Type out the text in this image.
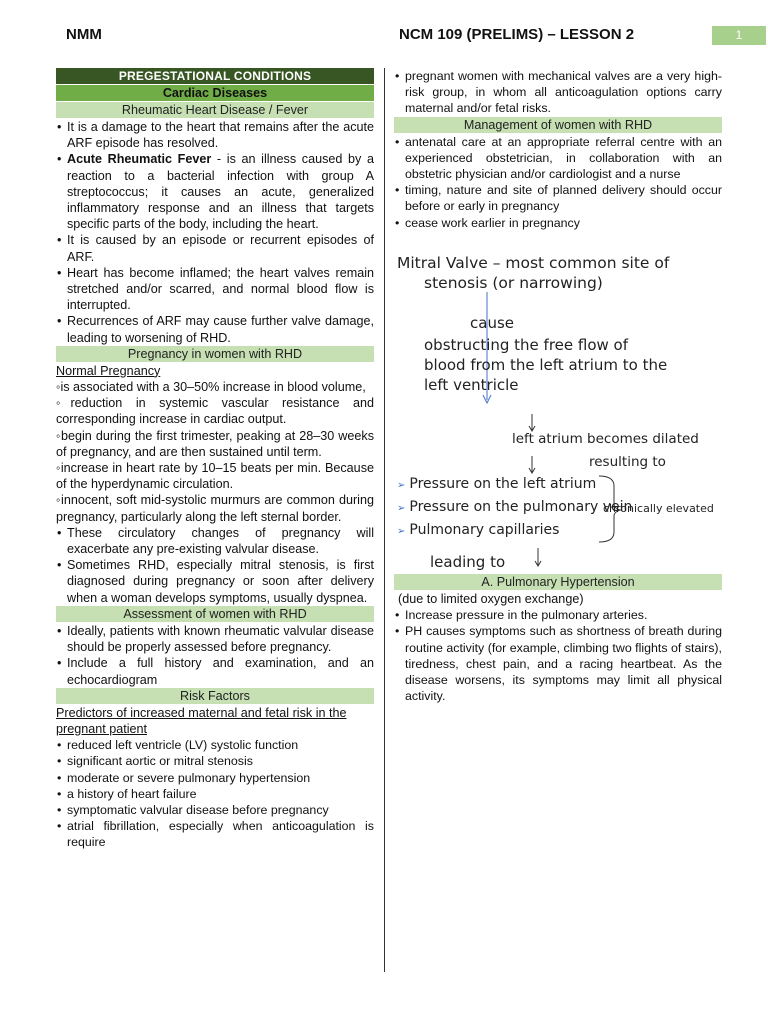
NMM	NCM 109 (PRELIMS) – LESSON 2	1
PREGESTATIONAL CONDITIONS
Cardiac Diseases
Rheumatic Heart Disease / Fever
• It is a damage to the heart that remains after the acute ARF episode has resolved.
• Acute Rheumatic Fever - is an illness caused by a reaction to a bacterial infection with group A streptococcus; it causes an acute, generalized inflammatory response and an illness that targets specific parts of the body, including the heart.
• It is caused by an episode or recurrent episodes of ARF.
• Heart has become inflamed; the heart valves remain stretched and/or scarred, and normal blood flow is interrupted.
• Recurrences of ARF may cause further valve damage, leading to worsening of RHD.
Pregnancy in women with RHD
Normal Pregnancy
◦is associated with a 30–50% increase in blood volume,
◦reduction in systemic vascular resistance and corresponding increase in cardiac output.
◦begin during the first trimester, peaking at 28–30 weeks of pregnancy, and are then sustained until term.
◦increase in heart rate by 10–15 beats per min. Because of the hyperdynamic circulation.
◦innocent, soft mid-systolic murmurs are common during pregnancy, particularly along the left sternal border.
• These circulatory changes of pregnancy will exacerbate any pre-existing valvular disease.
• Sometimes RHD, especially mitral stenosis, is first diagnosed during pregnancy or soon after delivery when a woman develops symptoms, usually dyspnea.
Assessment of women with RHD
• Ideally, patients with known rheumatic valvular disease should be properly assessed before pregnancy.
• Include a full history and examination, and an echocardiogram
Risk Factors
Predictors of increased maternal and fetal risk in the pregnant patient
• reduced left ventricle (LV) systolic function
• significant aortic or mitral stenosis
• moderate or severe pulmonary hypertension
• a history of heart failure
• symptomatic valvular disease before pregnancy
• atrial fibrillation, especially when anticoagulation is require
• pregnant women with mechanical valves are a very high-risk group, in whom all anticoagulation options carry maternal and/or fetal risks.
Management of women with RHD
• antenatal care at an appropriate referral centre with an experienced obstetrician, in collaboration with an obstetric physician and/or cardiologist and a nurse
• timing, nature and site of planned delivery should occur before or early in pregnancy
• cease work earlier in pregnancy
Mitral Valve – most common site of
stenosis (or narrowing)
cause
obstructing the free flow of
blood from the left atrium to the
left ventricle
left atrium becomes dilated
resulting to
➢ Pressure on the left atrium
➢ Pressure on the pulmonary vein
chronically elevated
➢ Pulmonary capillaries
leading to
A. Pulmonary Hypertension
(due to limited oxygen exchange)
• Increase pressure in the pulmonary arteries.
• PH causes symptoms such as shortness of breath during routine activity (for example, climbing two flights of stairs), tiredness, chest pain, and a racing heartbeat. As the disease worsens, its symptoms may limit all physical activity.
